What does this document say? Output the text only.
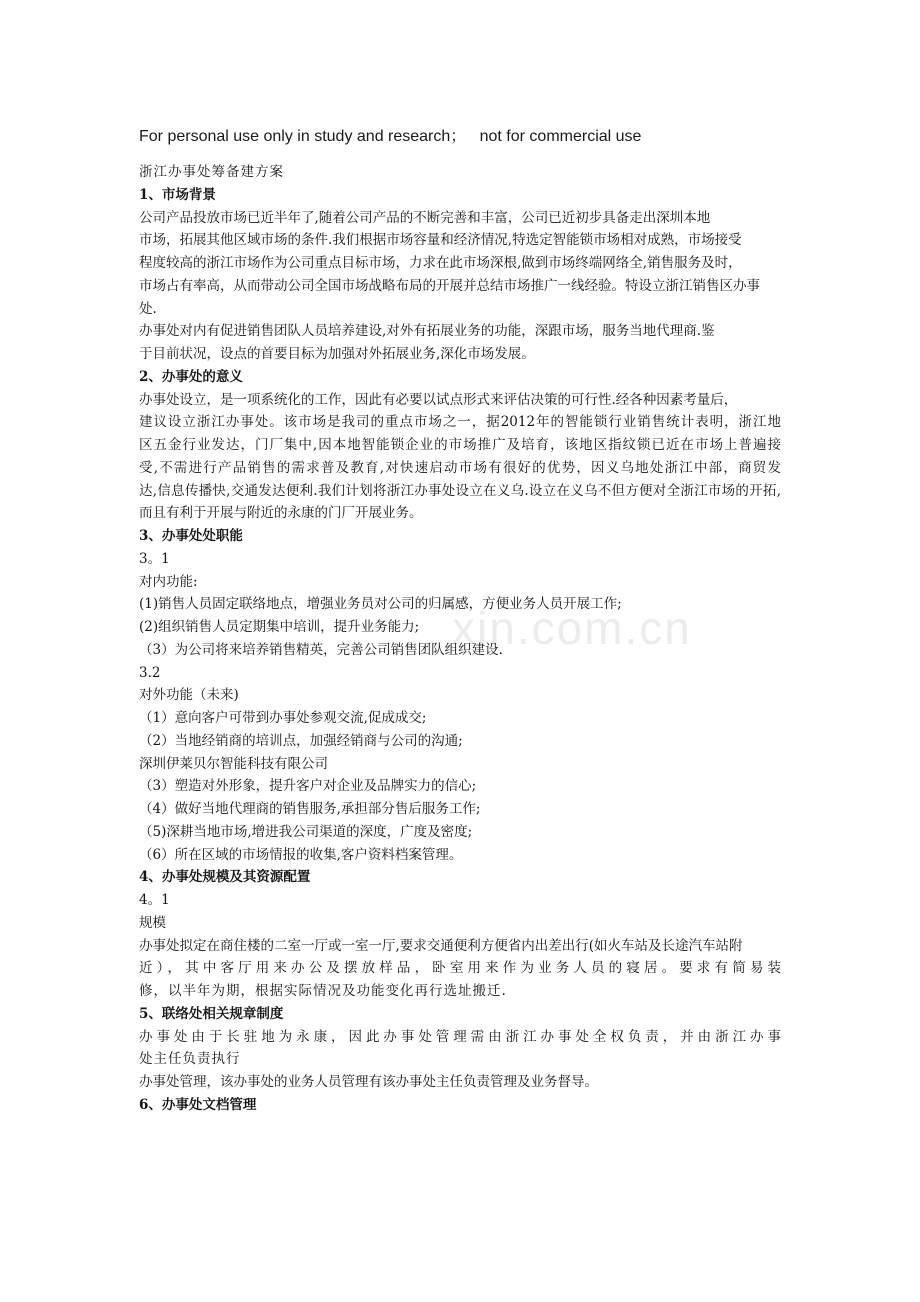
For personal use only in study and research；   not for commercial use
xin.com.cn
浙江办事处筹备建方案
1、市场背景
公司产品投放市场已近半年了,随着公司产品的不断完善和丰富，公司已近初步具备走出深圳本地
市场，拓展其他区域市场的条件.我们根据市场容量和经济情况,特选定智能锁市场相对成熟，市场接受
程度较高的浙江市场作为公司重点目标市场，力求在此市场深根,做到市场终端网络全,销售服务及时，
市场占有率高，从而带动公司全国市场战略布局的开展并总结市场推广一线经验。特设立浙江销售区办事
处.
办事处对内有促进销售团队人员培养建设,对外有拓展业务的功能，深跟市场，服务当地代理商.鉴
于目前状况，设点的首要目标为加强对外拓展业务,深化市场发展。
2、办事处的意义
办事处设立，是一项系统化的工作，因此有必要以试点形式来评估决策的可行性.经各种因素考量后，
建议设立浙江办事处。该市场是我司的重点市场之一，据2012年的智能锁行业销售统计表明，浙江地
区五金行业发达，门厂集中,因本地智能锁企业的市场推广及培育，该地区指纹锁已近在市场上普遍接
受,不需进行产品销售的需求普及教育,对快速启动市场有很好的优势，因义乌地处浙江中部，商贸发
达,信息传播快,交通发达便利.我们计划将浙江办事处设立在义乌.设立在义乌不但方便对全浙江市场的开拓,
而且有利于开展与附近的永康的门厂开展业务。
3、办事处处职能
3。1
对内功能:
(1)销售人员固定联络地点，增强业务员对公司的归属感，方便业务人员开展工作;
(2)组织销售人员定期集中培训，提升业务能力;
（3）为公司将来培养销售精英，完善公司销售团队组织建设.
3.2
对外功能（未来)
（1）意向客户可带到办事处参观交流,促成成交;
（2）当地经销商的培训点，加强经销商与公司的沟通;
深圳伊莱贝尔智能科技有限公司
（3）塑造对外形象，提升客户对企业及品牌实力的信心;
（4）做好当地代理商的销售服务,承担部分售后服务工作;
（5)深耕当地市场,增进我公司渠道的深度，广度及密度;
（6）所在区域的市场情报的收集,客户资料档案管理。
4、办事处规模及其资源配置
4。1
规模
办事处拟定在商住楼的二室一厅或一室一厅,要求交通便利方便省内出差出行(如火车站及长途汽车站附
近），其中客厅用来办公及摆放样品，卧室用来作为业务人员的寝居。要求有简易装
修，以半年为期，根据实际情况及功能变化再行选址搬迁.
5、联络处相关规章制度
办事处由于长驻地为永康，因此办事处管理需由浙江办事处全权负责，并由浙江办事
处主任负责执行
办事处管理，该办事处的业务人员管理有该办事处主任负责管理及业务督导。
6、办事处文档管理
